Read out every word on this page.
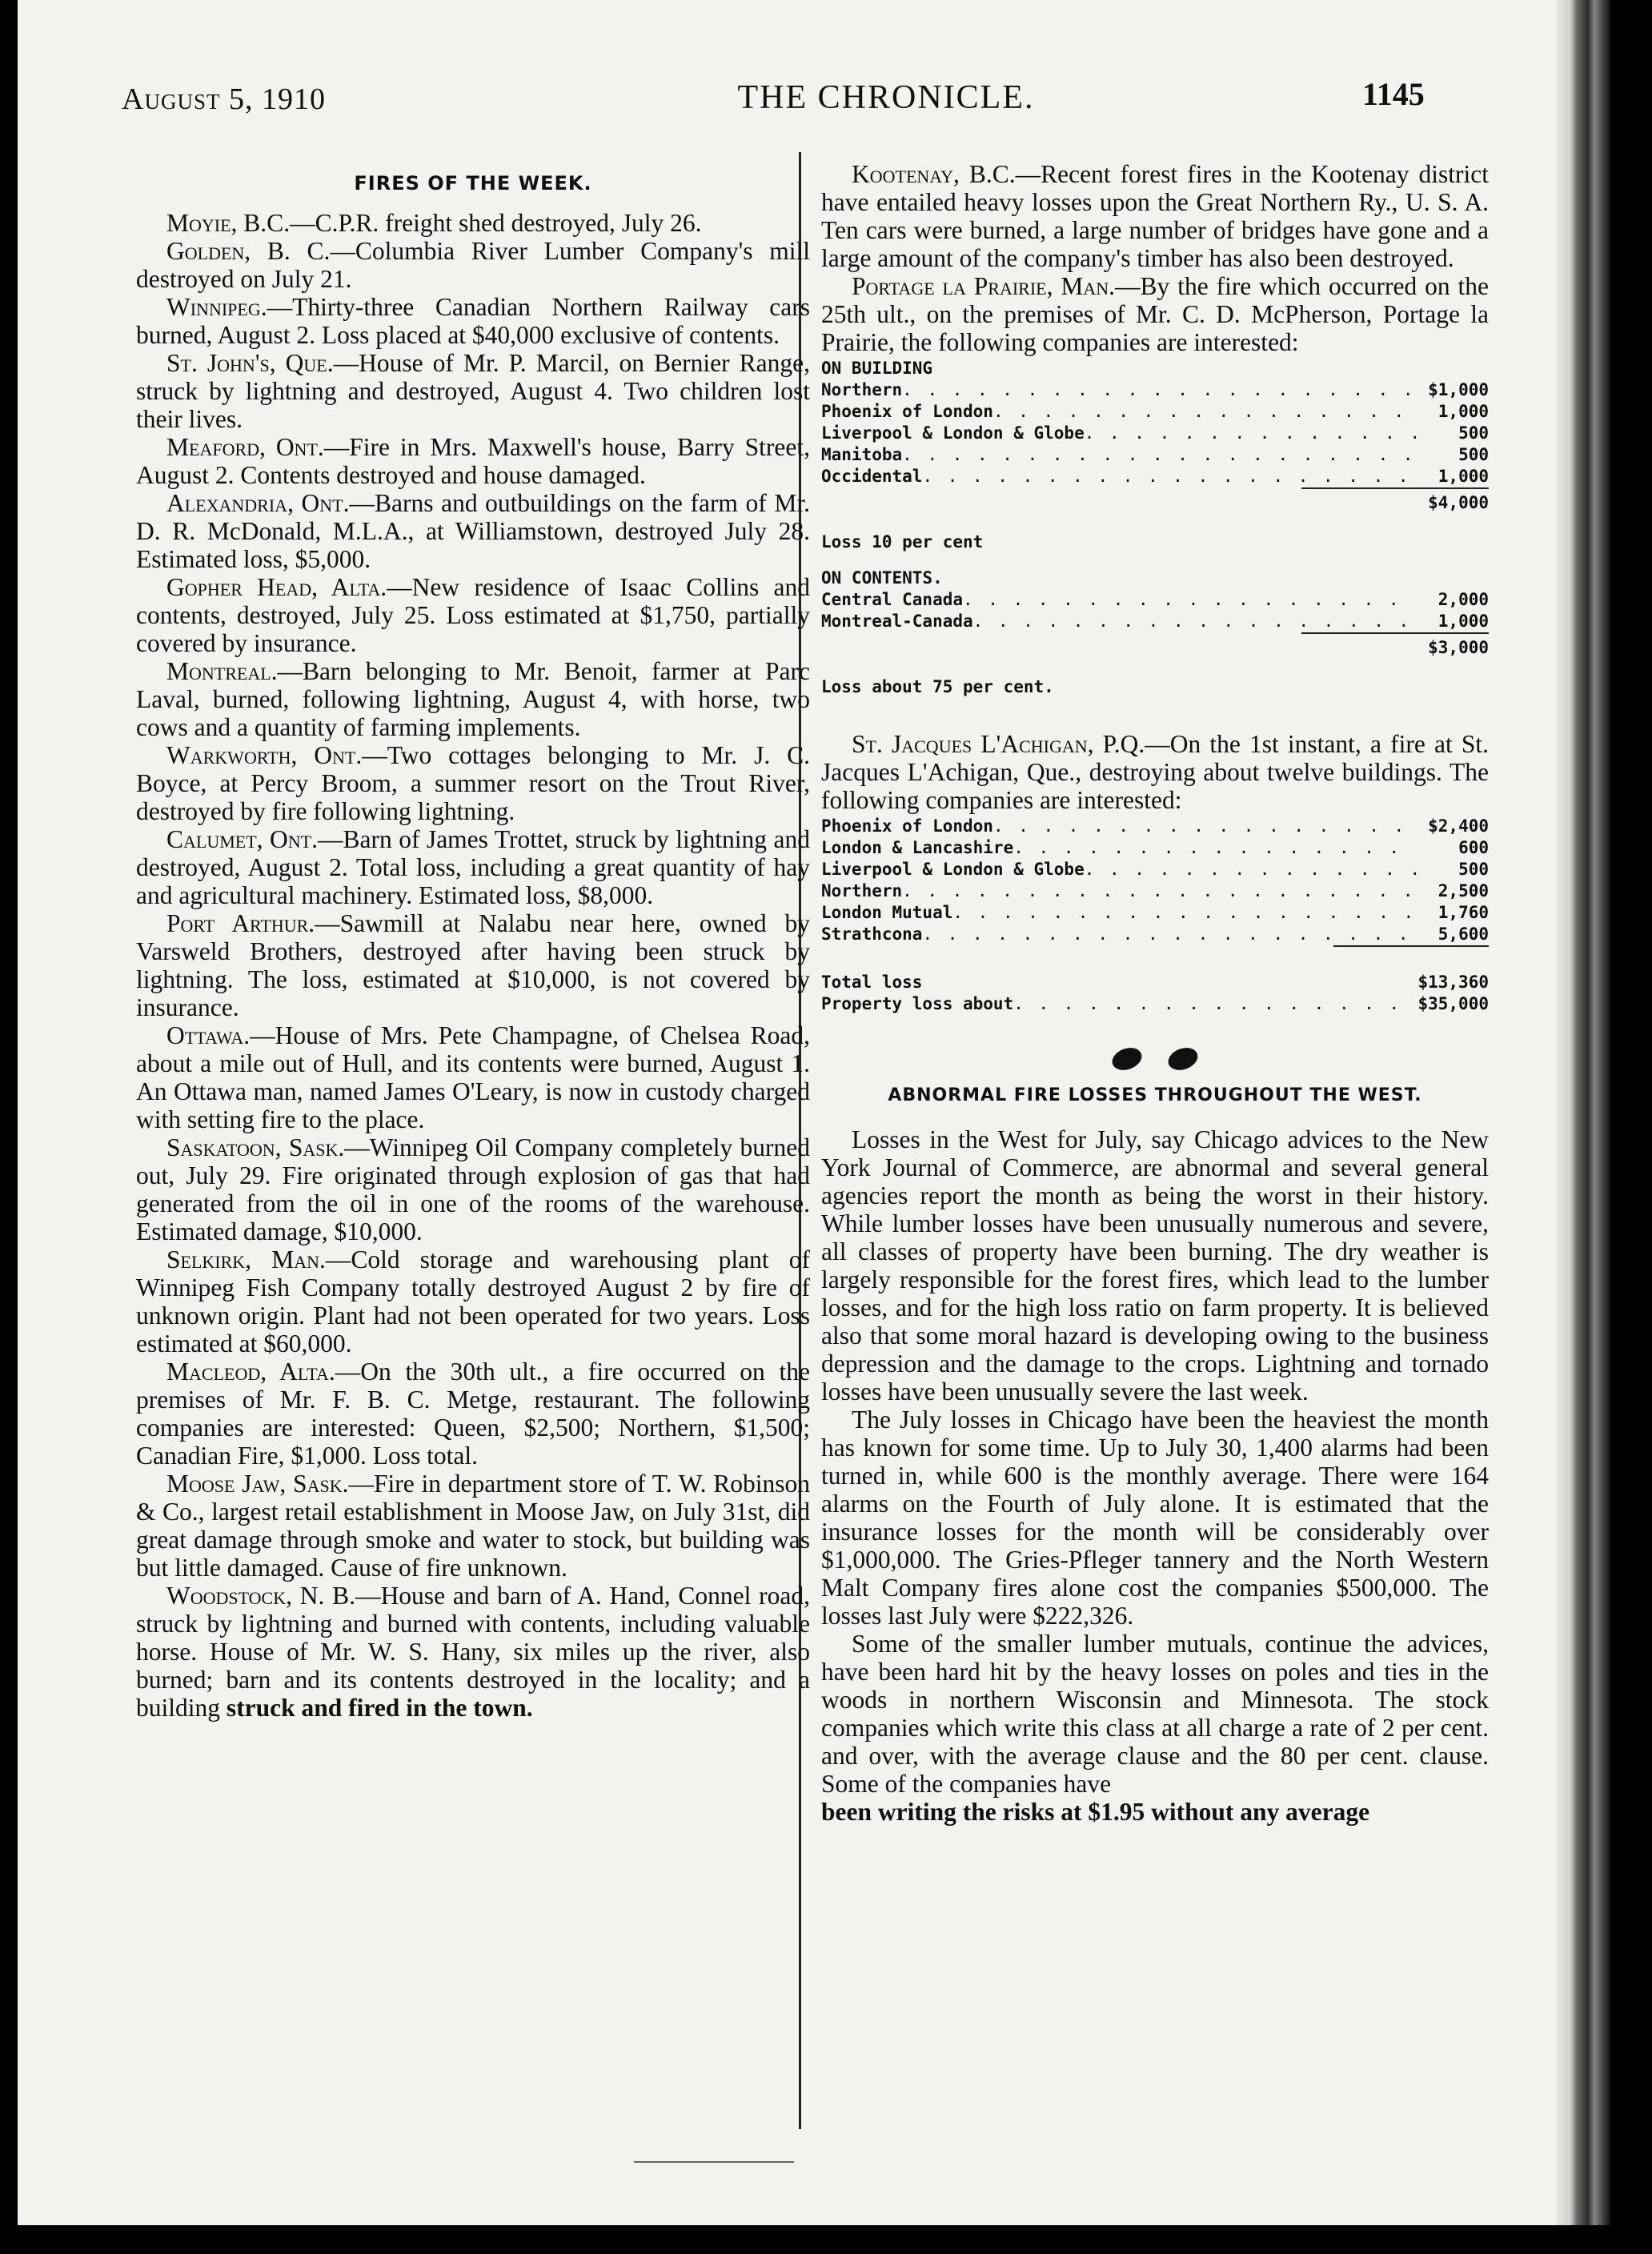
August 5, 1910	THE CHRONICLE.	1145
FIRES OF THE WEEK.

Moyie, B.C.—C.P.R. freight shed destroyed, July 26.

Golden, B. C.—Columbia River Lumber Company's mill destroyed on July 21.

Winnipeg.—Thirty-three Canadian Northern Railway cars burned, August 2. Loss placed at $40,000 exclusive of contents.

St. John's, Que.—House of Mr. P. Marcil, on Bernier Range, struck by lightning and destroyed, August 4. Two children lost their lives.

Meaford, Ont.—Fire in Mrs. Maxwell's house, Barry Street, August 2. Contents destroyed and house damaged.

Alexandria, Ont.—Barns and outbuildings on the farm of Mr. D. R. McDonald, M.L.A., at Williamstown, destroyed July 28. Estimated loss, $5,000.

Gopher Head, Alta.—New residence of Isaac Collins and contents, destroyed, July 25. Loss estimated at $1,750, partially covered by insurance.

Montreal.—Barn belonging to Mr. Benoit, farmer at Parc Laval, burned, following lightning, August 4, with horse, two cows and a quantity of farming implements.

Warkworth, Ont.—Two cottages belonging to Mr. J. C. Boyce, at Percy Broom, a summer resort on the Trout River, destroyed by fire following lightning.

Calumet, Ont.—Barn of James Trottet, struck by lightning and destroyed, August 2. Total loss, including a great quantity of hay and agricultural machinery. Estimated loss, $8,000.

Port Arthur.—Sawmill at Nalabu near here, owned by Varsweld Brothers, destroyed after having been struck by lightning. The loss, estimated at $10,000, is not covered by insurance.

Ottawa.—House of Mrs. Pete Champagne, of Chelsea Road, about a mile out of Hull, and its contents were burned, August 1. An Ottawa man, named James O'Leary, is now in custody charged with setting fire to the place.

Saskatoon, Sask.—Winnipeg Oil Company completely burned out, July 29. Fire originated through explosion of gas that had generated from the oil in one of the rooms of the warehouse. Estimated damage, $10,000.

Selkirk, Man.—Cold storage and warehousing plant of Winnipeg Fish Company totally destroyed August 2 by fire of unknown origin. Plant had not been operated for two years. Loss estimated at $60,000.

Macleod, Alta.—On the 30th ult., a fire occurred on the premises of Mr. F. B. C. Metge, restaurant. The following companies are interested: Queen, $2,500; Northern, $1,500; Canadian Fire, $1,000. Loss total.

Moose Jaw, Sask.—Fire in department store of T. W. Robinson & Co., largest retail establishment in Moose Jaw, on July 31st, did great damage through smoke and water to stock, but building was but little damaged. Cause of fire unknown.

Woodstock, N. B.—House and barn of A. Hand, Connel road, struck by lightning and burned with contents, including valuable horse. House of Mr. W. S. Hany, six miles up the river, also burned; barn and its contents destroyed in the locality; and a building struck and fired in the town.

Kootenay, B.C.—Recent forest fires in the Kootenay district have entailed heavy losses upon the Great Northern Ry., U. S. A. Ten cars were burned, a large number of bridges have gone and a large amount of the company's timber has also been destroyed.

Portage la Prairie, Man.—By the fire which occurred on the 25th ult., on the premises of Mr. C. D. McPherson, Portage la Prairie, the following companies are interested:

ON BUILDING
Northern . . .	$1,000
Phoenix of London . . .	1,000
Liverpool & London & Globe . . .	500
Manitoba . . .	500
Occidental . . .	1,000
$4,000
Loss 10 per cent
ON CONTENTS.
Central Canada . . .	2,000
Montreal-Canada . . .	1,000
$3,000
Loss about 75 per cent.

St. Jacques L'Achigan, P.Q.—On the 1st instant, a fire at St. Jacques L'Achigan, Que., destroying about twelve buildings. The following companies are interested:

Phoenix of London . . .	$2,400
London & Lancashire . . .	600
Liverpool & London & Globe . . .	500
Northern . . .	2,500
London Mutual . . .	1,760
Strathcona . . .	5,600

Total loss	$13,360
Property loss about . . .	$35,000
ABNORMAL FIRE LOSSES THROUGHOUT THE WEST.

Losses in the West for July, say Chicago advices to the New York Journal of Commerce, are abnormal and several general agencies report the month as being the worst in their history. While lumber losses have been unusually numerous and severe, all classes of property have been burning. The dry weather is largely responsible for the forest fires, which lead to the lumber losses, and for the high loss ratio on farm property. It is believed also that some moral hazard is developing owing to the business depression and the damage to the crops. Lightning and tornado losses have been unusually severe the last week.

The July losses in Chicago have been the heaviest the month has known for some time. Up to July 30, 1,400 alarms had been turned in, while 600 is the monthly average. There were 164 alarms on the Fourth of July alone. It is estimated that the insurance losses for the month will be considerably over $1,000,000. The Gries-Pfleger tannery and the North Western Malt Company fires alone cost the companies $500,000. The losses last July were $222,326.

Some of the smaller lumber mutuals, continue the advices, have been hard hit by the heavy losses on poles and ties in the woods in northern Wisconsin and Minnesota. The stock companies which write this class at all charge a rate of 2 per cent. and over, with the average clause and the 80 per cent. clause. Some of the companies have

been writing the risks at $1.95 without any average
